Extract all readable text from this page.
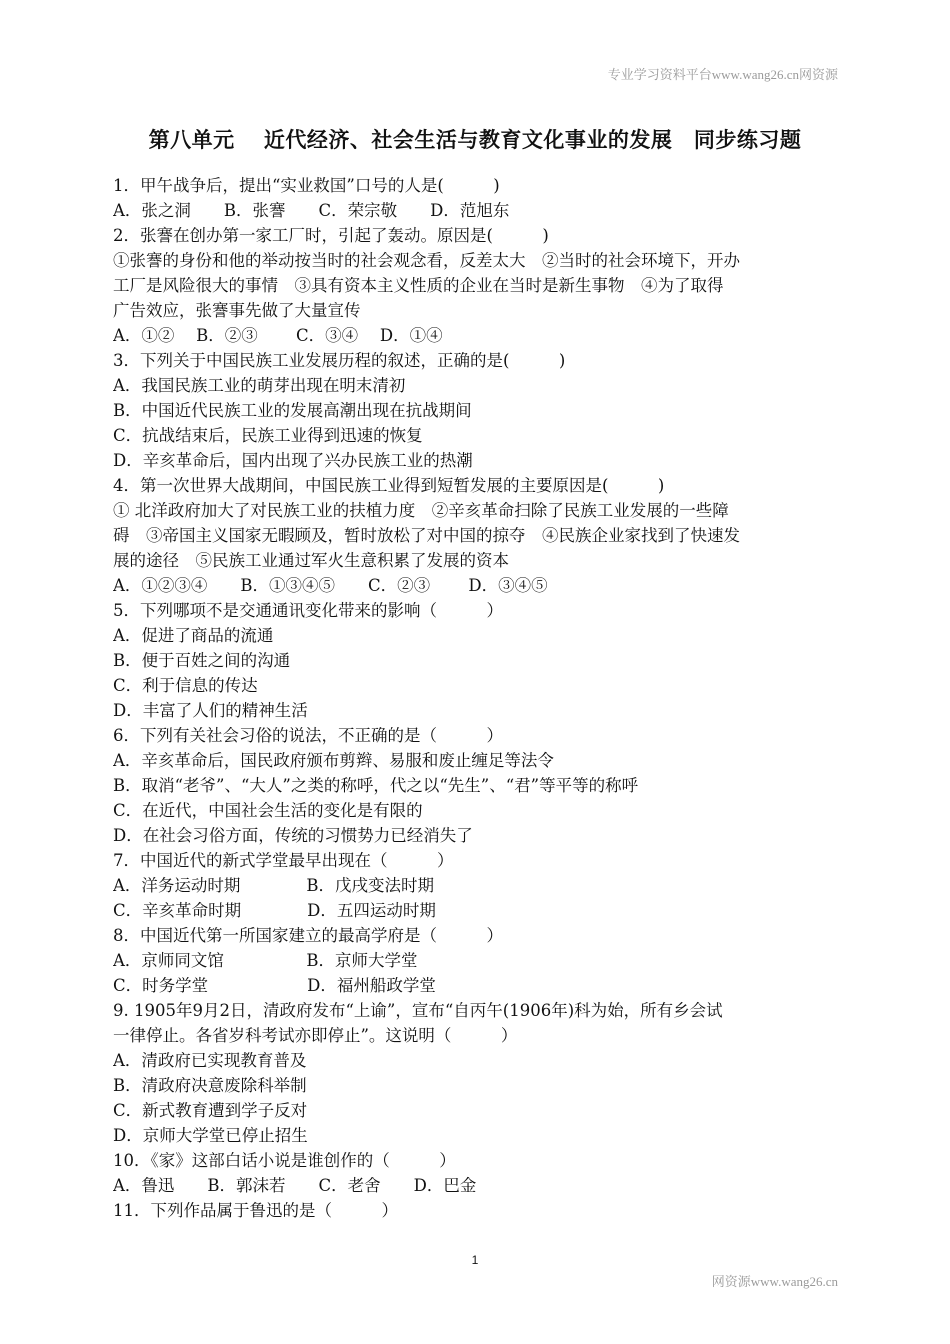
专业学习资料平台www.wang26.cn网资源
第八单元　 近代经济、社会生活与教育文化事业的发展　同步练习题
1．甲午战争后，提出“实业救国”口号的人是(　　　)
A．张之洞　　B．张謇　　C．荣宗敬　　D．范旭东
2．张謇在创办第一家工厂时，引起了轰动。原因是(　　　)
①张謇的身份和他的举动按当时的社会观念看，反差太大　②当时的社会环境下，开办
工厂是风险很大的事情　③具有资本主义性质的企业在当时是新生事物　④为了取得
广告效应，张謇事先做了大量宣传
A．①②　 B．②③　　 C．③④　 D．①④
3．下列关于中国民族工业发展历程的叙述，正确的是(　　　)
A．我国民族工业的萌芽出现在明末清初
B．中国近代民族工业的发展高潮出现在抗战期间
C．抗战结束后，民族工业得到迅速的恢复
D．辛亥革命后，国内出现了兴办民族工业的热潮
4．第一次世界大战期间，中国民族工业得到短暂发展的主要原因是(　　　)
① 北洋政府加大了对民族工业的扶植力度　②辛亥革命扫除了民族工业发展的一些障
碍　③帝国主义国家无暇顾及，暂时放松了对中国的掠夺　④民族企业家找到了快速发
展的途径　⑤民族工业通过军火生意积累了发展的资本
A．①②③④　　B．①③④⑤　　C．②③　　 D．③④⑤
5．下列哪项不是交通通讯变化带来的影响（　　　）
A．促进了商品的流通
B．便于百姓之间的沟通
C．利于信息的传达
D．丰富了人们的精神生活
6．下列有关社会习俗的说法，不正确的是（　　　）
A．辛亥革命后，国民政府颁布剪辫、易服和废止缠足等法令
B．取消“老爷”、“大人”之类的称呼，代之以“先生”、“君”等平等的称呼
C．在近代，中国社会生活的变化是有限的
D．在社会习俗方面，传统的习惯势力已经消失了
7．中国近代的新式学堂最早出现在（　　　）
A．洋务运动时期　　　　B．戊戌变法时期
C．辛亥革命时期　　　　D．五四运动时期
8．中国近代第一所国家建立的最高学府是（　　　）
A．京师同文馆　　　　　B．京师大学堂
C．时务学堂　　　　　　D．福州船政学堂
9. 1905年9月2日，清政府发布“上谕”，宣布“自丙午(1906年)科为始，所有乡会试
一律停止。各省岁科考试亦即停止”。这说明（　　　）
A．清政府已实现教育普及
B．清政府决意废除科举制
C．新式教育遭到学子反对
D．京师大学堂已停止招生
10．《家》这部白话小说是谁创作的（　　　）
A．鲁迅　　B．郭沫若　　C．老舍　　D．巴金
11．下列作品属于鲁迅的是（　　　）
1
网资源www.wang26.cn
